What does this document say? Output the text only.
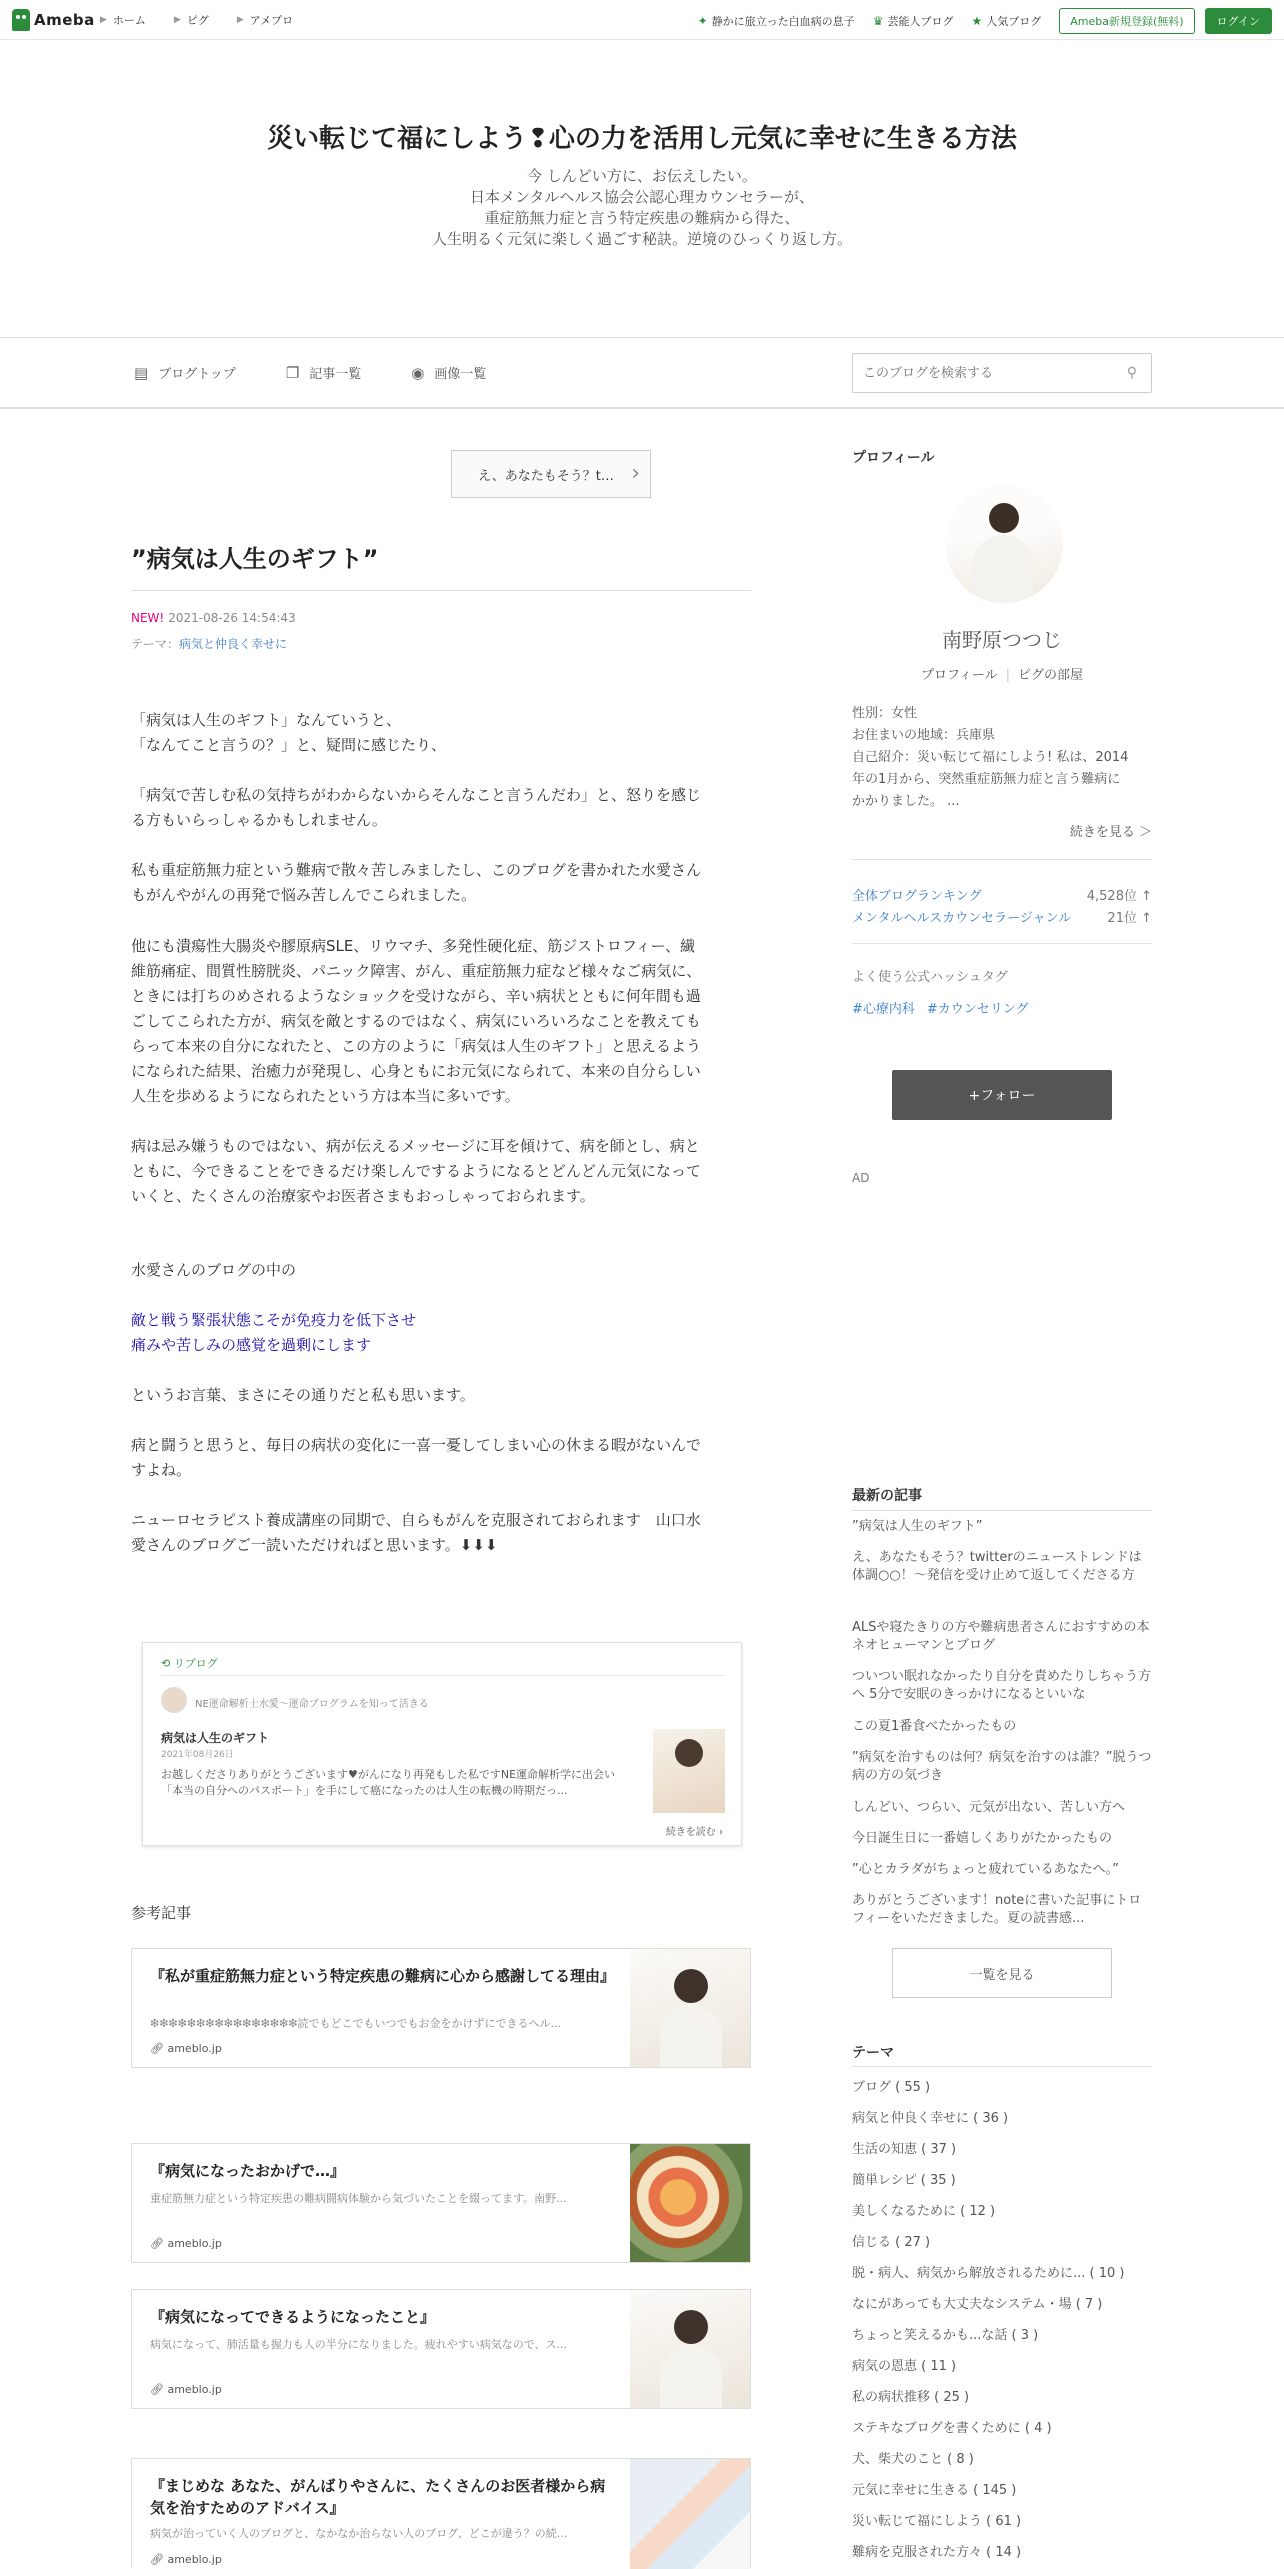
Ameba ▶ ホーム	▶ ピグ	▶ アメプロ	✦ 静かに旅立った白血病の息子 ♛ 芸能人ブログ ★ 人気ブログ	Ameba新規登録(無料)	ログイン
災い転じて福にしよう❢心の力を活用し元気に幸せに生きる方法
今 しんどい方に、お伝えしたい。
日本メンタルヘルス協会公認心理カウンセラーが、
重症筋無力症と言う特定疾患の難病から得た、
人生明るく元気に楽しく過ごす秘訣。逆境のひっくり返し方。
▤ ブログトップ	❐ 記事一覧	◉ 画像一覧
このブログを検索する	⚲
え、あなたもそう？t… ›
”病気は人生のギフト”
NEW! 2021-08-26 14:54:43
テーマ：病気と仲良く幸せに
「病気は人生のギフト」なんていうと、
「なんてこと言うの？」と、疑問に感じたり、
「病気で苦しむ私の気持ちがわからないからそんなこと言うんだわ」と、怒りを感じ
る方もいらっしゃるかもしれません。
私も重症筋無力症という難病で散々苦しみましたし、このブログを書かれた水愛さん
もがんやがんの再発で悩み苦しんでこられました。
他にも潰瘍性大腸炎や膠原病SLE、リウマチ、多発性硬化症、筋ジストロフィー、繊
維筋痛症、間質性膀胱炎、パニック障害、がん、重症筋無力症など様々なご病気に、
ときには打ちのめされるようなショックを受けながら、辛い病状とともに何年間も過
ごしてこられた方が、病気を敵とするのではなく、病気にいろいろなことを教えても
らって本来の自分になれたと、この方のように「病気は人生のギフト」と思えるよう
になられた結果、治癒力が発現し、心身ともにお元気になられて、本来の自分らしい
人生を歩めるようになられたという方は本当に多いです。
病は忌み嫌うものではない、病が伝えるメッセージに耳を傾けて、病を師とし、病と
ともに、今できることをできるだけ楽しんでするようになるとどんどん元気になって
いくと、たくさんの治療家やお医者さまもおっしゃっておられます。
水愛さんのブログの中の
敵と戦う緊張状態こそが免疫力を低下させ
痛みや苦しみの感覚を過剰にします
というお言葉、まさにその通りだと私も思います。
病と闘うと思うと、毎日の病状の変化に一喜一憂してしまい心の休まる暇がないんで
すよね。
ニューロセラピスト養成講座の同期で、自らもがんを克服されておられます　山口水
愛さんのブログご一読いただければと思います。⬇⬇⬇
⟲ リブログ
NE運命解析士水愛〜運命プログラムを知って活きる
病気は人生のギフト
2021年08月26日
お越しくださりありがとうございます♥がんになり再発もした私ですNE運命解析学に出会い「本当の自分へのパスポート」を手にして癌になったのは人生の転機の時期だっ...
続きを読む ›
参考記事
『私が重症筋無力症という特定疾患の難病に心から感謝してる理由』
❇❇❇❇❇❇❇❇❇❇❇❇❇❇❇❇読でもどこでもいつでもお金をかけずにできるヘル...
🔗︎ ameblo.jp
『病気になったおかげで…』
重症筋無力症という特定疾患の難病闘病体験から気づいたことを綴ってます。南野...
🔗︎ ameblo.jp
『病気になってできるようになったこと』
病気になって、肺活量も握力も人の半分になりました。疲れやすい病気なので、ス...
🔗︎ ameblo.jp
『まじめな あなた、がんばりやさんに、たくさんのお医者様から病気を治すためのアドバイス』
病気が治っていく人のブログと、なかなか治らない人のブログ、どこが違う？の続...
🔗︎ ameblo.jp
プロフィール
南野原つつじ
プロフィール | ピグの部屋
性別：女性
お住まいの地域：兵庫県
自己紹介：災い転じて福にしよう! 私は、2014
年の1月から、突然重症筋無力症と言う難病に
かかりました。 ...
続きを見る ＞
全体ブログランキング	4,528位 ↑
メンタルヘルスカウンセラージャンル	21位 ↑
よく使う公式ハッシュタグ
#心療内科 #カウンセリング
+フォロー
AD
最新の記事
”病気は人生のギフト”
え、あなたもそう？twitterのニューストレンドは体調○○！～発信を受け止めて返してくださる方
ALSや寝たきりの方や難病患者さんにおすすめの本ネオヒューマンとブログ
ついつい眠れなかったり自分を責めたりしちゃう方へ 5分で安眠のきっかけになるといいな
この夏1番食べたかったもの
”病気を治すものは何？病気を治すのは誰？”脱うつ病の方の気づき
しんどい、つらい、元気が出ない、苦しい方へ
今日誕生日に一番嬉しくありがたかったもの
”心とカラダがちょっと疲れているあなたへ。”
ありがとうございます！noteに書いた記事にトロフィーをいただきました。夏の読書感...
一覧を見る
テーマ
ブログ ( 55 )
病気と仲良く幸せに ( 36 )
生活の知恵 ( 37 )
簡単レシピ ( 35 )
美しくなるために ( 12 )
信じる ( 27 )
脱・病人、病気から解放されるために... ( 10 )
なにがあっても大丈夫なシステム・場 ( 7 )
ちょっと笑えるかも...な話 ( 3 )
病気の恩恵 ( 11 )
私の病状推移 ( 25 )
ステキなブログを書くために ( 4 )
犬、柴犬のこと ( 8 )
元気に幸せに生きる ( 145 )
災い転じて福にしよう ( 61 )
難病を克服された方々 ( 14 )
